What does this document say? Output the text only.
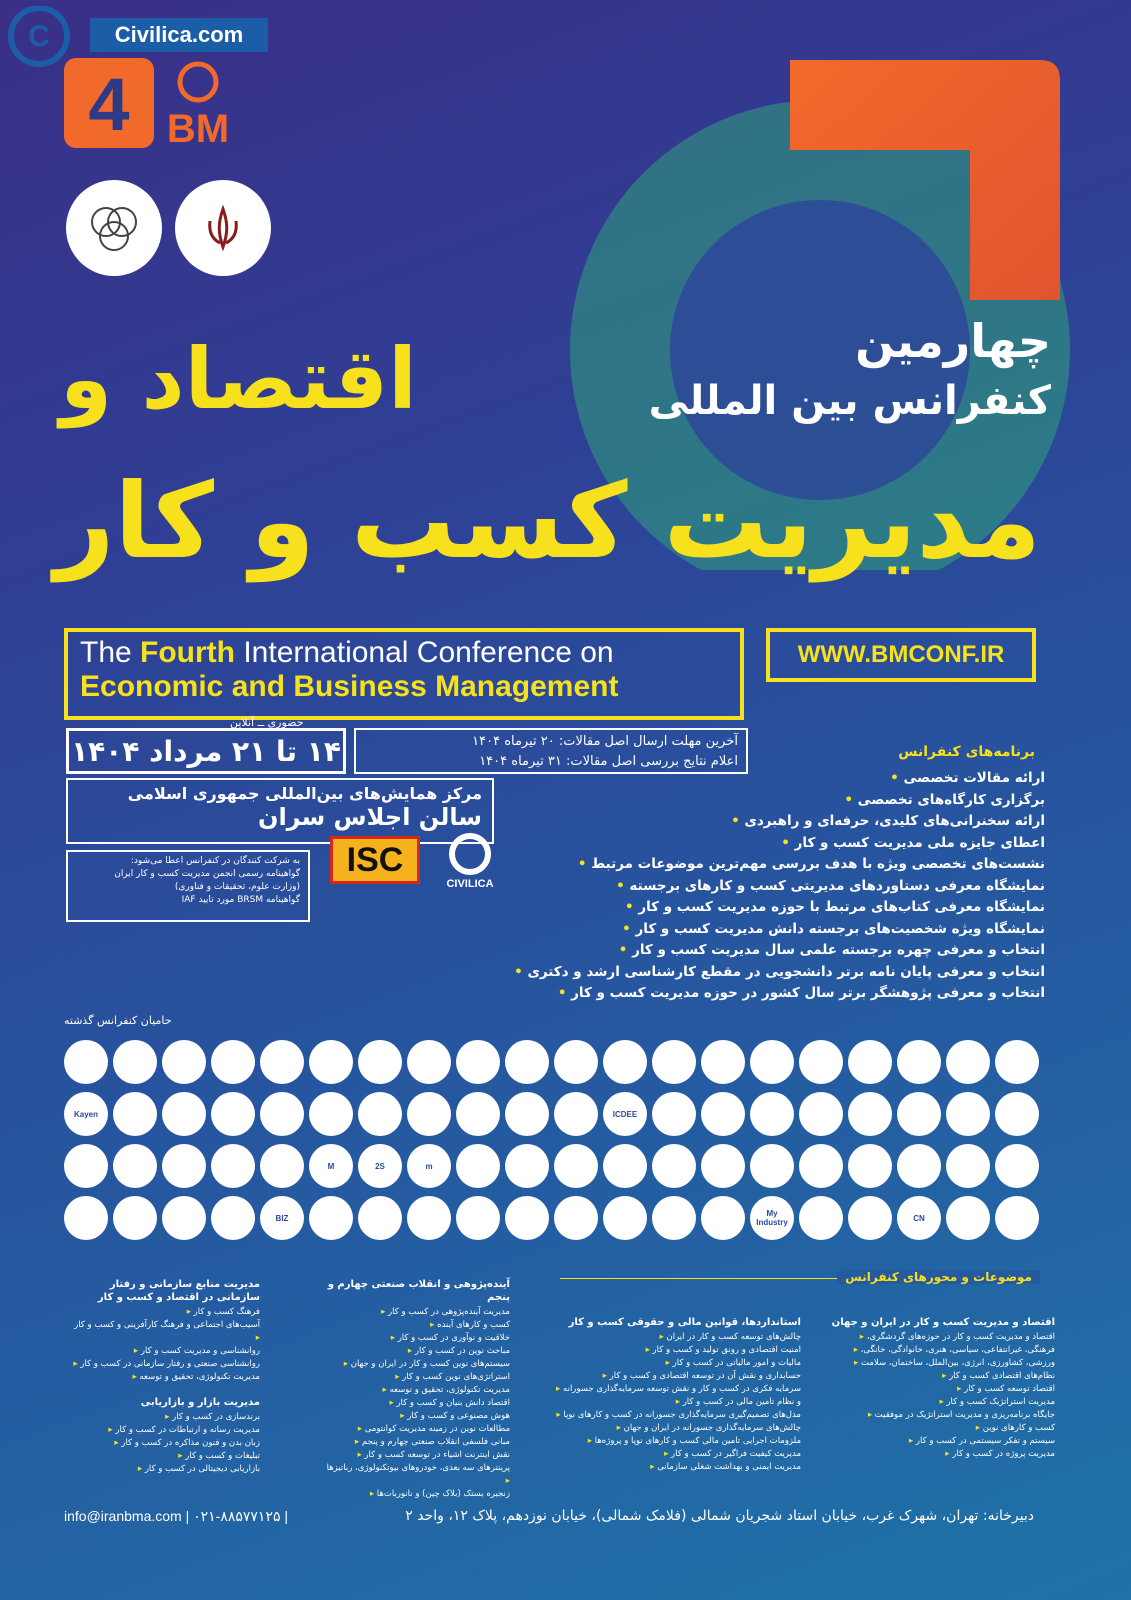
C	Civilica.com
4 BM
چهارمین
کنفرانس بین المللی
اقتصاد و
مدیریت کسب و کار
The Fourth International Conference on
Economic and Business Management
WWW.BMCONF.IR
حضوری ــ آنلاین
۱۴ تا ۲۱ مرداد ۱۴۰۴	آخرین مهلت ارسال اصل مقالات: ۲۰ تیرماه ۱۴۰۴
اعلام نتایج بررسی اصل مقالات: ۳۱ تیرماه ۱۴۰۴
مرکز همایش‌های بین‌المللی جمهوری اسلامی
سالن اجلاس سران
ISC
CIVILICA
به شرکت کنندگان در کنفرانس اعطا می‌شود:
گواهینامه رسمی انجمن مدیریت کسب و کار ایران
(وزارت علوم، تحقیقات و فناوری)
گواهینامه BRSM مورد تایید IAF
برنامه‌های کنفرانس
ارائه مقالات تخصصی •
برگزاری کارگاه‌های تخصصی •
ارائه سخنرانی‌های کلیدی، حرفه‌ای و راهبردی •
اعطای جایزه ملی مدیریت کسب و کار •
نشست‌های تخصصی ویژه با هدف بررسی مهم‌ترین موضوعات مرتبط •
نمایشگاه معرفی دستاوردهای مدیریتی کسب و کارهای برجسته •
نمایشگاه معرفی کتاب‌های مرتبط با حوزه مدیریت کسب و کار •
نمایشگاه ویژه شخصیت‌های برجسته دانش مدیریت کسب و کار •
انتخاب و معرفی چهره برجسته علمی سال مدیریت کسب و کار •
انتخاب و معرفی پایان نامه برتر دانشجویی در مقطع کارشناسی ارشد و دکتری •
انتخاب و معرفی پژوهشگر برتر سال کشور در حوزه مدیریت کسب و کار •
حامیان کنفرانس گذشته
Kayen	ICDEE
M	2S	m
BIZ	My Industry	CN
موضوعات و محورهای کنفرانس
اقتصاد و مدیریت کسب و کار در ایران و جهان
اقتصاد و مدیریت کسب و کار در حوزه‌های گردشگری، ▸
فرهنگی، غیرانتفاعی، سیاسی، هنری، خانوادگی، خانگی، ▸
ورزشی، کشاورزی، انرژی، بین‌الملل، ساختمان، سلامت ▸
نظام‌های اقتصادی کسب و کار ▸
اقتصاد توسعه کسب و کار ▸
مدیریت استراتژیک کسب و کار ▸
جایگاه برنامه‌ریزی و مدیریت استراتژیک در موفقیت ▸
کسب و کارهای نوین ▸
سیستم و تفکر سیستمی در کسب و کار ▸
مدیریت پروژه در کسب و کار ▸
استانداردها، قوانین مالی و حقوقی کسب و کار
چالش‌های توسعه کسب و کار در ایران ▸
امنیت اقتصادی و رونق تولید و کسب و کار ▸
مالیات و امور مالیاتی در کسب و کار ▸
حسابداری و نقش آن در توسعه اقتصادی و کسب و کار ▸
سرمایه فکری در کسب و کار و نقش توسعه سرمایه‌گذاری جسورانه ▸
و نظام تامین مالی در کسب و کار ▸
مدل‌های تصمیم‌گیری سرمایه‌گذاری جسورانه در کسب و کارهای نوپا ▸
چالش‌های سرمایه‌گذاری جسورانه در ایران و جهان ▸
ملزومات اجرایی تامین مالی کسب و کارهای نوپا و پروژه‌ها ▸
مدیریت کیفیت فراگیر در کسب و کار ▸
مدیریت ایمنی و بهداشت شغلی سازمانی ▸
آینده‌پژوهی و انقلاب صنعتی چهارم و پنجم
مدیریت آینده‌پژوهی در کسب و کار ▸
کسب و کارهای آینده ▸
خلاقیت و نوآوری در کسب و کار ▸
مباحث نوین در کسب و کار ▸
سیستم‌های نوین کسب و کار در ایران و جهان ▸
استراتژی‌های نوین کسب و کار ▸
مدیریت تکنولوژی، تحقیق و توسعه ▸
اقتصاد دانش بنیان و کسب و کار ▸
هوش مصنوعی و کسب و کار ▸
مطالعات نوین در زمینه مدیریت کوانتومی ▸
مبانی فلسفی انقلاب صنعتی چهارم و پنجم ▸
نقش اینترنت اشیاء در توسعه کسب و کار ▸
پرینترهای سه بعدی، خودروهای بیوتکنولوژی، رباتیزها ▸
زنجیره بستک (بلاک چین) و نانوربات‌ها ▸
مدیریت منابع سازمانی و رفتار سازمانی در اقتصاد و کسب و کار
فرهنگ کسب و کار ▸
آسیب‌های اجتماعی و فرهنگ کارآفرینی و کسب و کار ▸
روانشناسی و مدیریت کسب و کار ▸
روانشناسی صنعتی و رفتار سازمانی در کسب و کار ▸
مدیریت تکنولوژی، تحقیق و توسعه ▸
مدیریت بازار و بازاریابی
برندسازی در کسب و کار ▸
مدیریت رسانه و ارتباطات در کسب و کار ▸
زبان بدن و فنون مذاکره در کسب و کار ▸
تبلیغات و کسب و کار ▸
بازاریابی دیجیتالی در کسب و کار ▸
info@iranbma.com | ۰۲۱-۸۸۵۷۷۱۲۵ |	دبیرخانه: تهران، شهرک غرب، خیابان استاد شجریان شمالی (فلامک شمالی)، خیابان نوزدهم، پلاک ۱۲، واحد ۲
